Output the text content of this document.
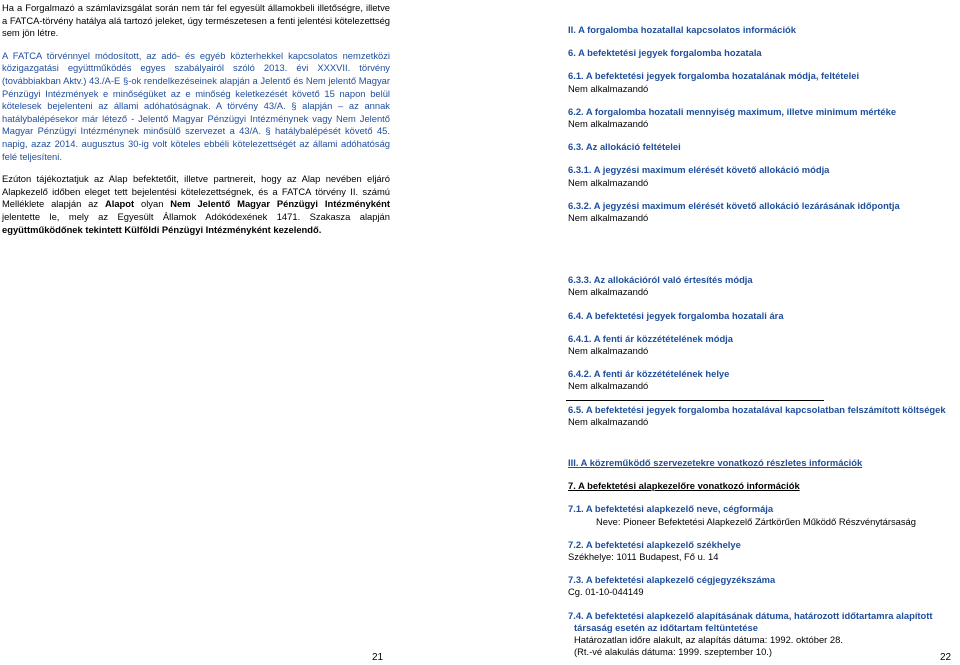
Ha a Forgalmazó a számlavizsgálat során nem tár fel egyesült államokbeli illetőségre, illetve a FATCA-törvény hatálya alá tartozó jeleket, úgy természetesen a fenti jelentési kötelezettség sem jön létre.

A FATCA törvénnyel módosított, az adó- és egyéb közterhekkel kapcsolatos nemzetközi közigazgatási együttműködés egyes szabályairól szóló 2013. évi XXXVII. törvény (továbbiakban Aktv.) 43./A-E §-ok rendelkezéseinek alapján a Jelentő és Nem jelentő Magyar Pénzügyi Intézmények e minőségüket az e minőség keletkezését követő 15 napon belül kötelesek bejelenteni az állami adóhatóságnak. A törvény 43/A. § alapján – az annak hatálybalépésekor már létező - Jelentő Magyar Pénzügyi Intézménynek vagy Nem Jelentő Magyar Pénzügyi Intézménynek minősülő szervezet a 43/A. § hatálybalépését követő 45. napig, azaz 2014. augusztus 30-ig volt köteles ebbéli kötelezettségét az állami adóhatóság felé teljesíteni.

Ezúton tájékoztatjuk az Alap befektetőit, illetve partnereit, hogy az Alap nevében eljáró Alapkezelő időben eleget tett bejelentési kötelezettségnek, és a FATCA törvény II. számú Melléklete alapján az Alapot olyan Nem Jelentő Magyar Pénzügyi Intézményként jelentette le, mely az Egyesült Államok Adókódexének 1471. Szakasza alapján együttműködőnek tekintett Külföldi Pénzügyi Intézményként kezelendő.

21
II. A forgalomba hozatallal kapcsolatos információk
6. A befektetési jegyek forgalomba hozatala
6.1. A befektetési jegyek forgalomba hozatalának módja, feltételei
Nem alkalmazandó
6.2. A forgalomba hozatali mennyiség maximum, illetve minimum mértéke
Nem alkalmazandó
6.3. Az allokáció feltételei
6.3.1. A jegyzési maximum elérését követő allokáció módja
Nem alkalmazandó
6.3.2. A jegyzési maximum elérését követő allokáció lezárásának időpontja
Nem alkalmazandó
6.3.3. Az allokációról való értesítés módja
Nem alkalmazandó
6.4. A befektetési jegyek forgalomba hozatali ára
6.4.1. A fenti ár közzétételének módja
Nem alkalmazandó
6.4.2. A fenti ár közzétételének helye
Nem alkalmazandó
6.5. A befektetési jegyek forgalomba hozatalával kapcsolatban felszámított költségek
Nem alkalmazandó
III. A közreműködő szervezetekre vonatkozó részletes információk
7. A befektetési alapkezelőre vonatkozó információk
7.1. A befektetési alapkezelő neve, cégformája
Neve: Pioneer Befektetési Alapkezelő Zártkörűen Működő Részvénytársaság
7.2. A befektetési alapkezelő székhelye
Székhelye: 1011 Budapest, Fő u. 14
7.3. A befektetési alapkezelő cégjegyzékszáma
Cg. 01-10-044149
7.4. A befektetési alapkezelő alapításának dátuma, határozott időtartamra alapított
társaság esetén az időtartam feltüntetése
Határozatlan időre alakult, az alapítás dátuma: 1992. október 28.
(Rt.-vé alakulás dátuma: 1999. szeptember 10.)
22
